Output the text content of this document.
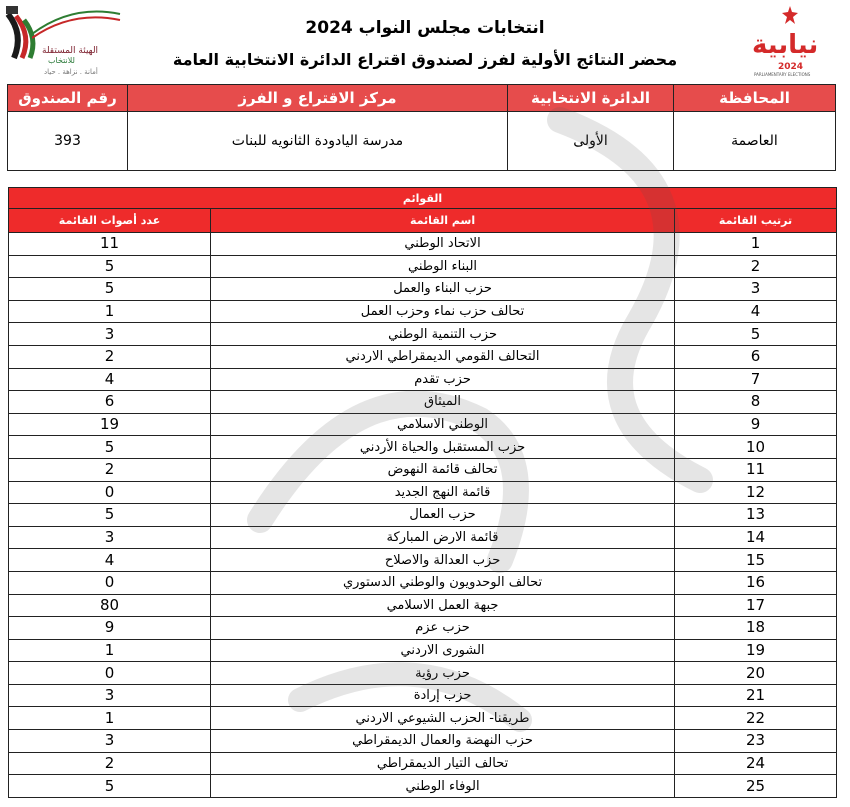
الهيئة المستقلة
للانتخاب
أمانة . نزاهة . حياد
انتخابات مجلس النواب 2024
محضر النتائج الأولية لفرز لصندوق اقتراع الدائرة الانتخابية العامة	نيابية
2024
PARLIAMENTARY ELECTIONS
المحافظة	الدائرة الانتخابية	مركز الاقتراع و الفرز	رقم الصندوق
العاصمة	الأولى	مدرسة اليادودة الثانويه للبنات	393
القوائم		
ترتيب القائمة	اسم القائمة	عدد أصوات القائمة
1	الاتحاد الوطني	11
2	البناء الوطني	5
3	حزب البناء والعمل	5
4	تحالف حزب نماء وحزب العمل	1
5	حزب التنمية الوطني	3
6	التحالف القومي الديمقراطي الاردني	2
7	حزب تقدم	4
8	الميثاق	6
9	الوطني الاسلامي	19
10	حزب المستقبل والحياة الأردني	5
11	تحالف قائمة النهوض	2
12	قائمة النهج الجديد	0
13	حزب العمال	5
14	قائمة الارض المباركة	3
15	حزب العدالة والاصلاح	4
16	تحالف الوحدويون والوطني الدستوري	0
17	جبهة العمل الاسلامي	80
18	حزب عزم	9
19	الشورى الاردني	1
20	حزب رؤية	0
21	حزب إرادة	3
22	طريقنا- الحزب الشيوعي الاردني	1
23	حزب النهضة والعمال الديمقراطي	3
24	تحالف التيار الديمقراطي	2
25	الوفاء الوطني	5
